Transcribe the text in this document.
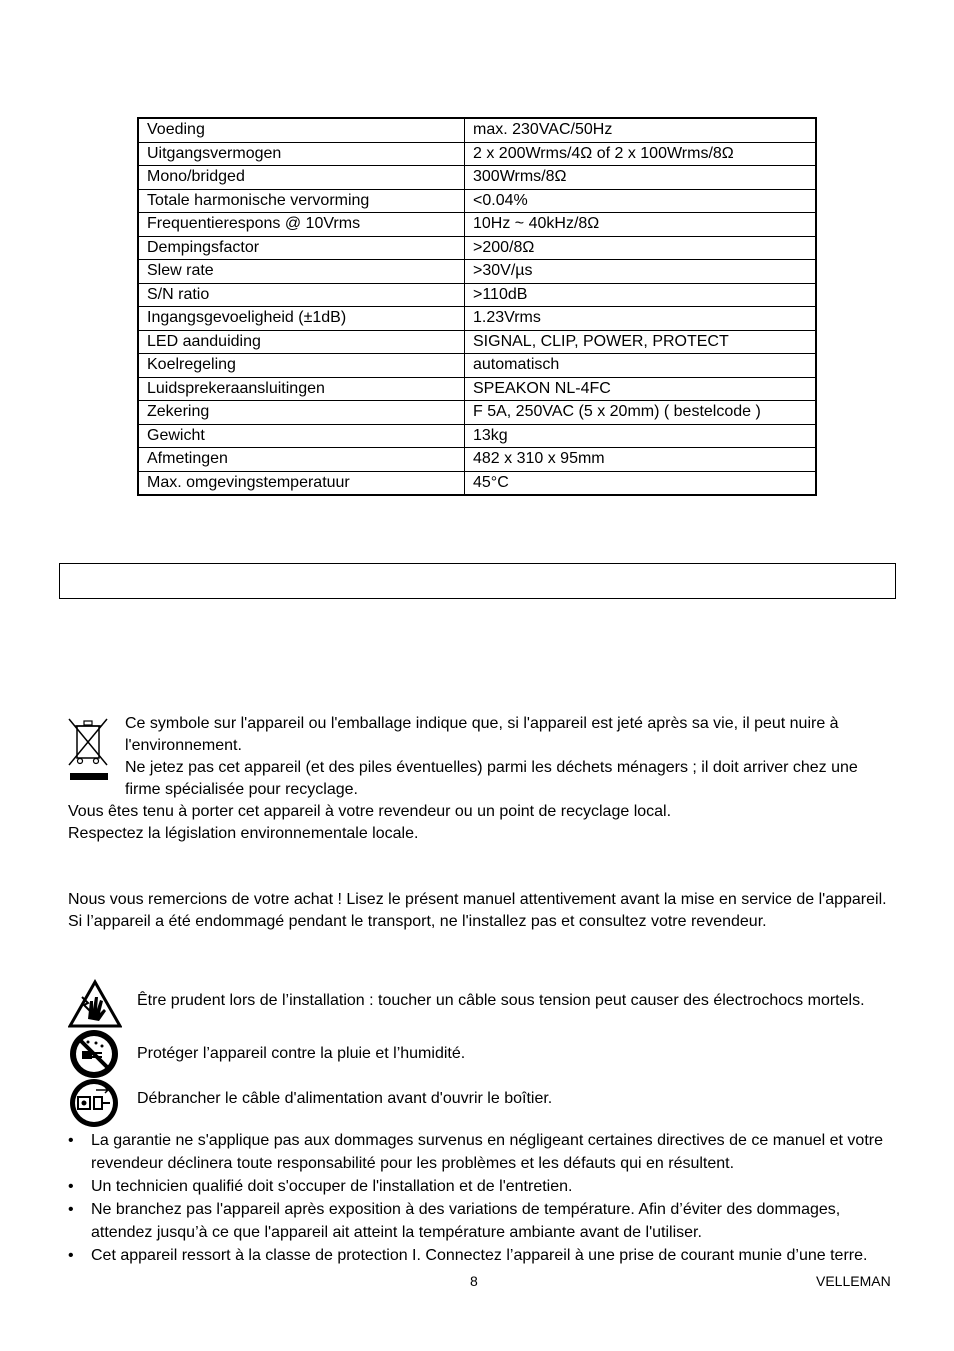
Voeding	max. 230VAC/50Hz
Uitgangsvermogen	2 x 200Wrms/4Ω of 2 x 100Wrms/8Ω
Mono/bridged	300Wrms/8Ω
Totale harmonische vervorming	<0.04%
Frequentierespons @ 10Vrms	10Hz ~ 40kHz/8Ω
Dempingsfactor	>200/8Ω
Slew rate	>30V/µs
S/N ratio	>110dB
Ingangsgevoeligheid (±1dB)	1.23Vrms
LED aanduiding	SIGNAL, CLIP, POWER, PROTECT
Koelregeling	automatisch
Luidsprekeraansluitingen	SPEAKON NL-4FC
Zekering	F 5A, 250VAC (5 x 20mm) ( bestelcode )
Gewicht	13kg
Afmetingen	482 x 310 x 95mm
Max. omgevingstemperatuur	45°C
Ce symbole sur l'appareil ou l'emballage indique que, si l'appareil est jeté après sa vie, il peut nuire à
l'environnement.
Ne jetez pas cet appareil (et des piles éventuelles) parmi les déchets ménagers ; il doit arriver chez une
firme spécialisée pour recyclage.
Vous êtes tenu à porter cet appareil à votre revendeur ou un point de recyclage local.
Respectez la législation environnementale locale.
Nous vous remercions de votre achat ! Lisez le présent manuel attentivement avant la mise en service de l'appareil.
Si l’appareil a été endommagé pendant le transport, ne l'installez pas et consultez votre revendeur.
Être prudent lors de l’installation : toucher un câble sous tension peut causer des électrochocs mortels.
Protéger l’appareil contre la pluie et l’humidité.
Débrancher le câble d'alimentation avant d'ouvrir le boîtier.
• La garantie ne s'applique pas aux dommages survenus en négligeant certaines directives de ce manuel et votre
revendeur déclinera toute responsabilité pour les problèmes et les défauts qui en résultent.
• Un technicien qualifié doit s'occuper de l'installation et de l'entretien.
• Ne branchez pas l'appareil après exposition à des variations de température. Afin d’éviter des dommages,
attendez jusqu’à ce que l'appareil ait atteint la température ambiante avant de l'utiliser.
• Cet appareil ressort à la classe de protection I. Connectez l’appareil à une prise de courant munie d’une terre.
8	VELLEMAN
